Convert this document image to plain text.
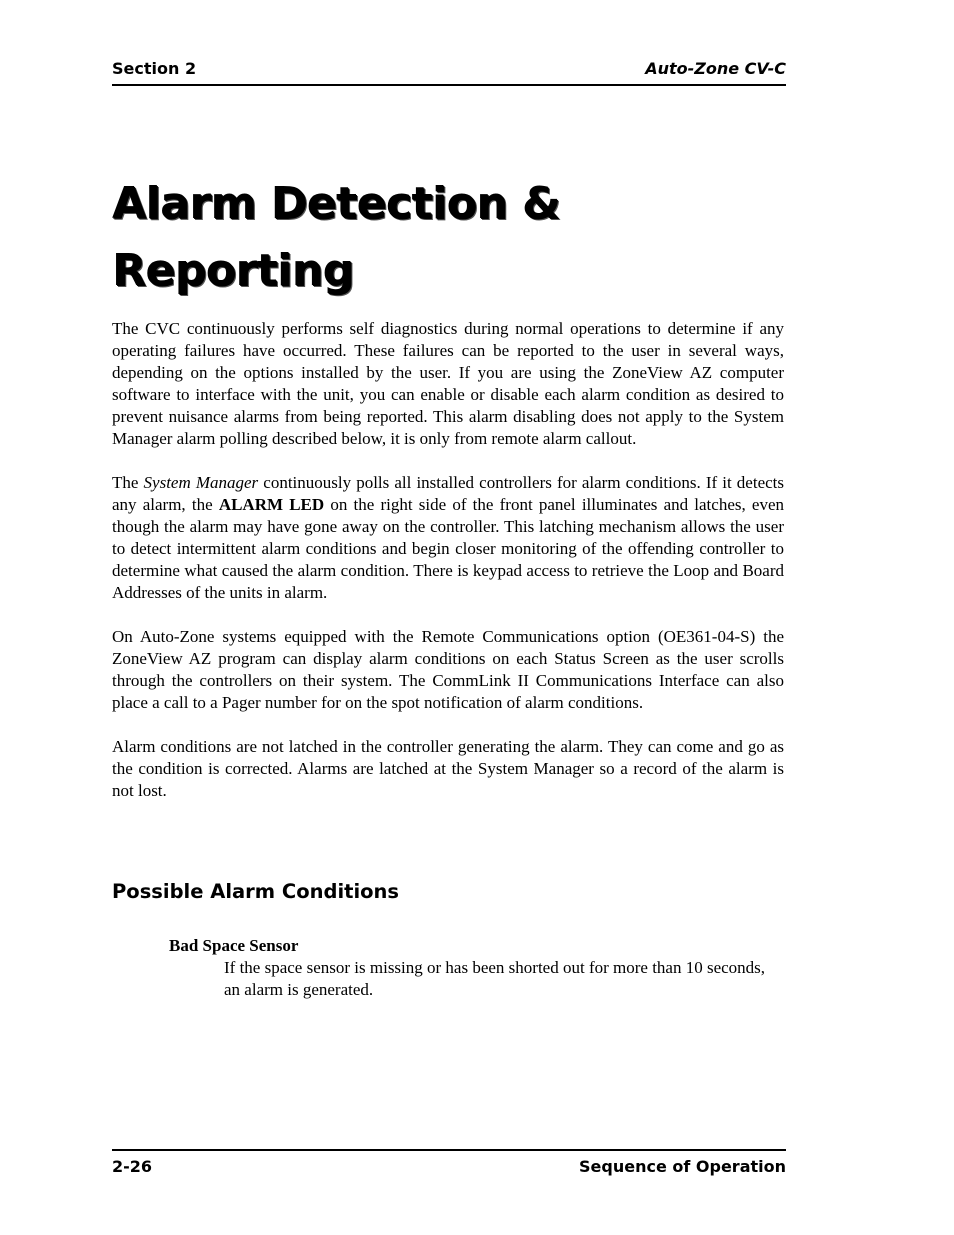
Section 2	Auto-Zone CV-C
Alarm Detection &
Reporting

The CVC continuously performs self diagnostics during normal operations to determine if any operating failures have occurred. These failures can be reported to the user in several ways, depending on the options installed by the user. If you are using the ZoneView AZ computer software to interface with the unit, you can enable or disable each alarm condition as desired to prevent nuisance alarms from being reported. This alarm disabling does not apply to the System Manager alarm polling described below, it is only from remote alarm callout.

The System Manager continuously polls all installed controllers for alarm conditions. If it detects any alarm, the ALARM LED on the right side of the front panel illuminates and latches, even though the alarm may have gone away on the controller. This latching mechanism allows the user to detect intermittent alarm conditions and begin closer monitoring of the offending controller to determine what caused the alarm condition. There is keypad access to retrieve the Loop and Board Addresses of the units in alarm.

On Auto-Zone systems equipped with the Remote Communications option (OE361-04-S) the ZoneView AZ program can display alarm conditions on each Status Screen as the user scrolls through the controllers on their system. The CommLink II Communications Interface can also place a call to a Pager number for on the spot notification of alarm conditions.

Alarm conditions are not latched in the controller generating the alarm. They can come and go as the condition is corrected. Alarms are latched at the System Manager so a record of the alarm is not lost.

Possible Alarm Conditions
Bad Space Sensor
If the space sensor is missing or has been shorted out for more than 10 seconds, an alarm is generated.
2-26	Sequence of Operation
